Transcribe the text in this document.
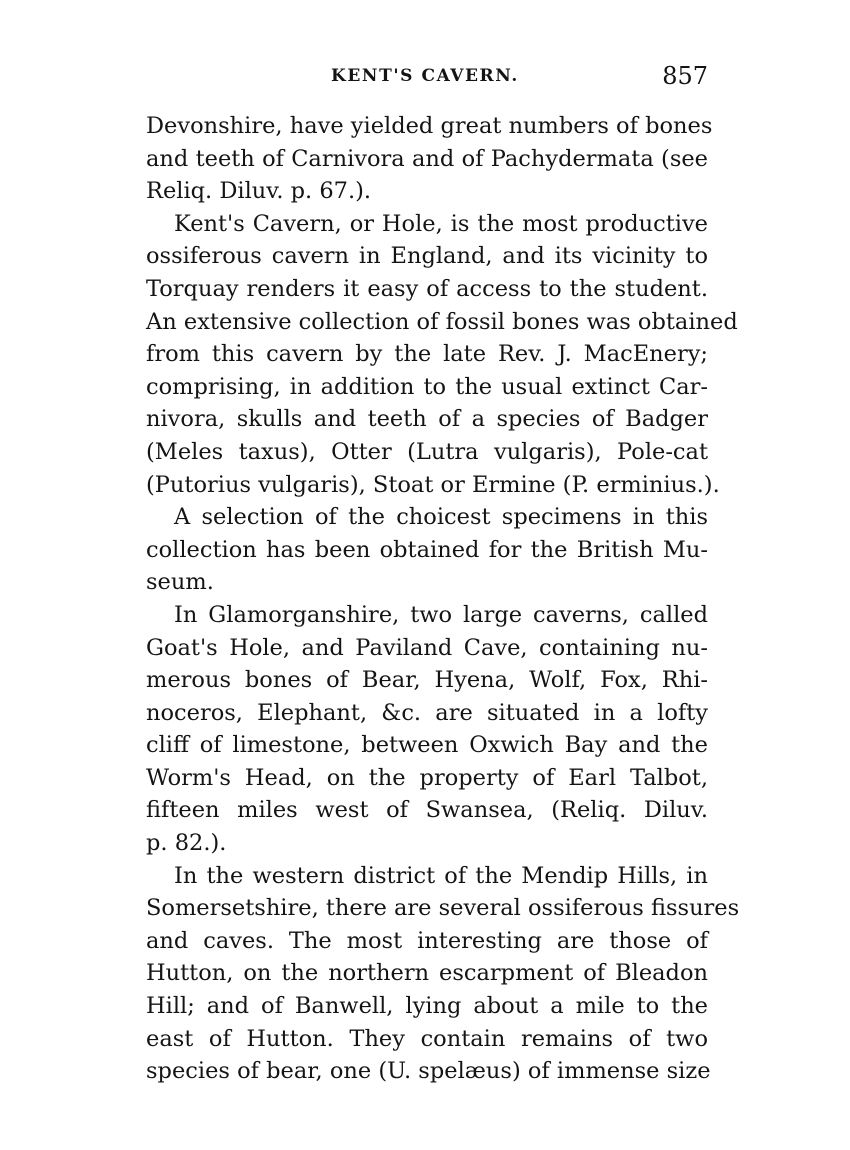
KENT'S CAVERN.	857
Devonshire, have yielded great numbers of bones
and teeth of Carnivora and of Pachydermata (see
Reliq. Diluv. p. 67.).
Kent's Cavern, or Hole, is the most productive
ossiferous cavern in England, and its vicinity to
Torquay renders it easy of access to the student.
An extensive collection of fossil bones was obtained
from this cavern by the late Rev. J. MacEnery;
comprising, in addition to the usual extinct Car-
nivora, skulls and teeth of a species of Badger
(Meles taxus), Otter (Lutra vulgaris), Pole-cat
(Putorius vulgaris), Stoat or Ermine (P. erminius.).
A selection of the choicest specimens in this
collection has been obtained for the British Mu-
seum.
In Glamorganshire, two large caverns, called
Goat's Hole, and Paviland Cave, containing nu-
merous bones of Bear, Hyena, Wolf, Fox, Rhi-
noceros, Elephant, &c. are situated in a lofty
cliff of limestone, between Oxwich Bay and the
Worm's Head, on the property of Earl Talbot,
fifteen miles west of Swansea, (Reliq. Diluv.
p. 82.).
In the western district of the Mendip Hills, in
Somersetshire, there are several ossiferous fissures
and caves. The most interesting are those of
Hutton, on the northern escarpment of Bleadon
Hill; and of Banwell, lying about a mile to the
east of Hutton. They contain remains of two
species of bear, one (U. spelæus) of immense size
